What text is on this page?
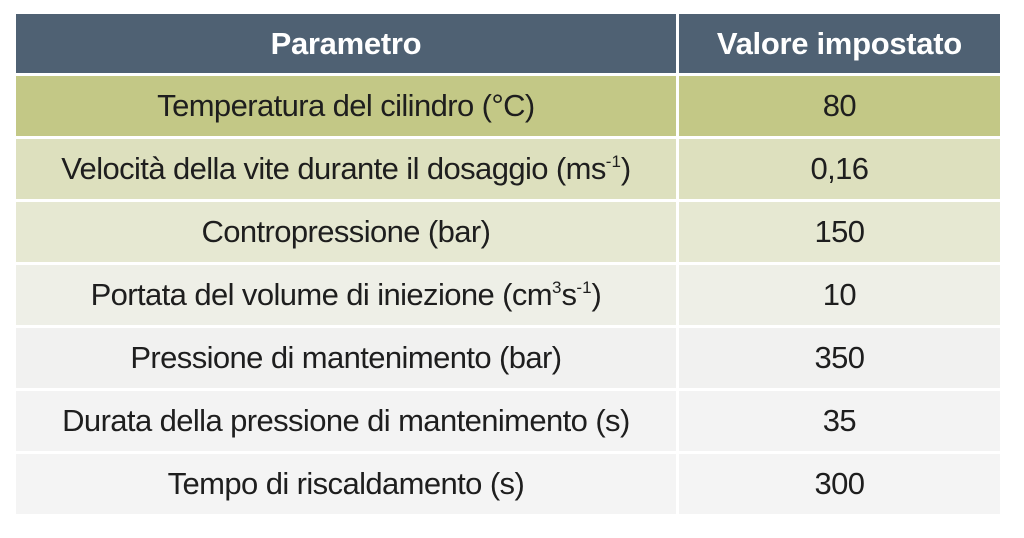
Parametro	Valore impostato
Temperatura del cilindro (°C)	80
Velocità della vite durante il dosaggio $(ms^{-1})$	0,16
Contropressione (bar)	150
Portata del volume di iniezione $(cm^3s^{-1})$	10
Pressione di mantenimento (bar)	350
Durata della pressione di mantenimento (s)	35
Tempo di riscaldamento (s)	300
